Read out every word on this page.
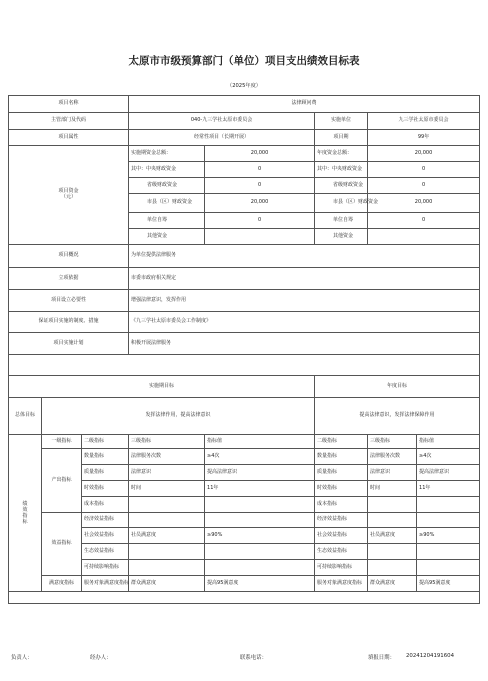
太原市市级预算部门（单位）项目支出绩效目标表
（2025年度）
项目名称			法律顾问费				
主管部门及代码			040-九三学社太原市委员会		实施单位	九三学社太原市委员会	
项目属性			经常性项目（长期开展）		项目期	99年	

项目资金
（元）			实施期资金总额：	20,000	年度资金总额：	20,000	
			其中：中央财政资金	0	其中：中央财政资金	0	
			省级财政资金	0	省级财政资金	0	
			市县（区）财政资金	20,000	市县（区）财政资金	20,000	
			单位自筹	0	单位自筹	0	
			其他资金		其他资金		
项目概况			为单位提供法律服务				
立项依据			市委市政府相关规定				
项目设立必要性			增强法律意识，发挥作用				
保证项目实施的制度、措施			《九三学社太原市委员会工作制度》				
项目实施计划			积极开展法律服务				

实施期目标					年度目标		
总体目标	发挥法律作用，提高法律意识				提高法律意识，发挥法律保障作用		

绩效指标	一级指标	二级指标	三级指标	指标值	二级指标	三级指标	指标值
	产出指标	数量指标	法律服务次数	≥4次	数量指标	法律服务次数	≥4次
		质量指标	法律意识	提高法律意识	质量指标	法律意识	提高法律意识
		时效指标	时间	11年	时效指标	时间	11年
		成本指标			成本指标		
	效益指标	经济效益指标			经济效益指标		
		社会效益指标	社员满意度	≥90%	社会效益指标	社员满意度	≥90%
		生态效益指标			生态效益指标		
		可持续影响指标			可持续影响指标		
	满意度指标	服务对象满意度指标	群众满意度	提高95满意度	服务对象满意度指标	群众满意度	提高95满意度

负责人：	经办人：	联系电话：	填报日期： 20241204191604
